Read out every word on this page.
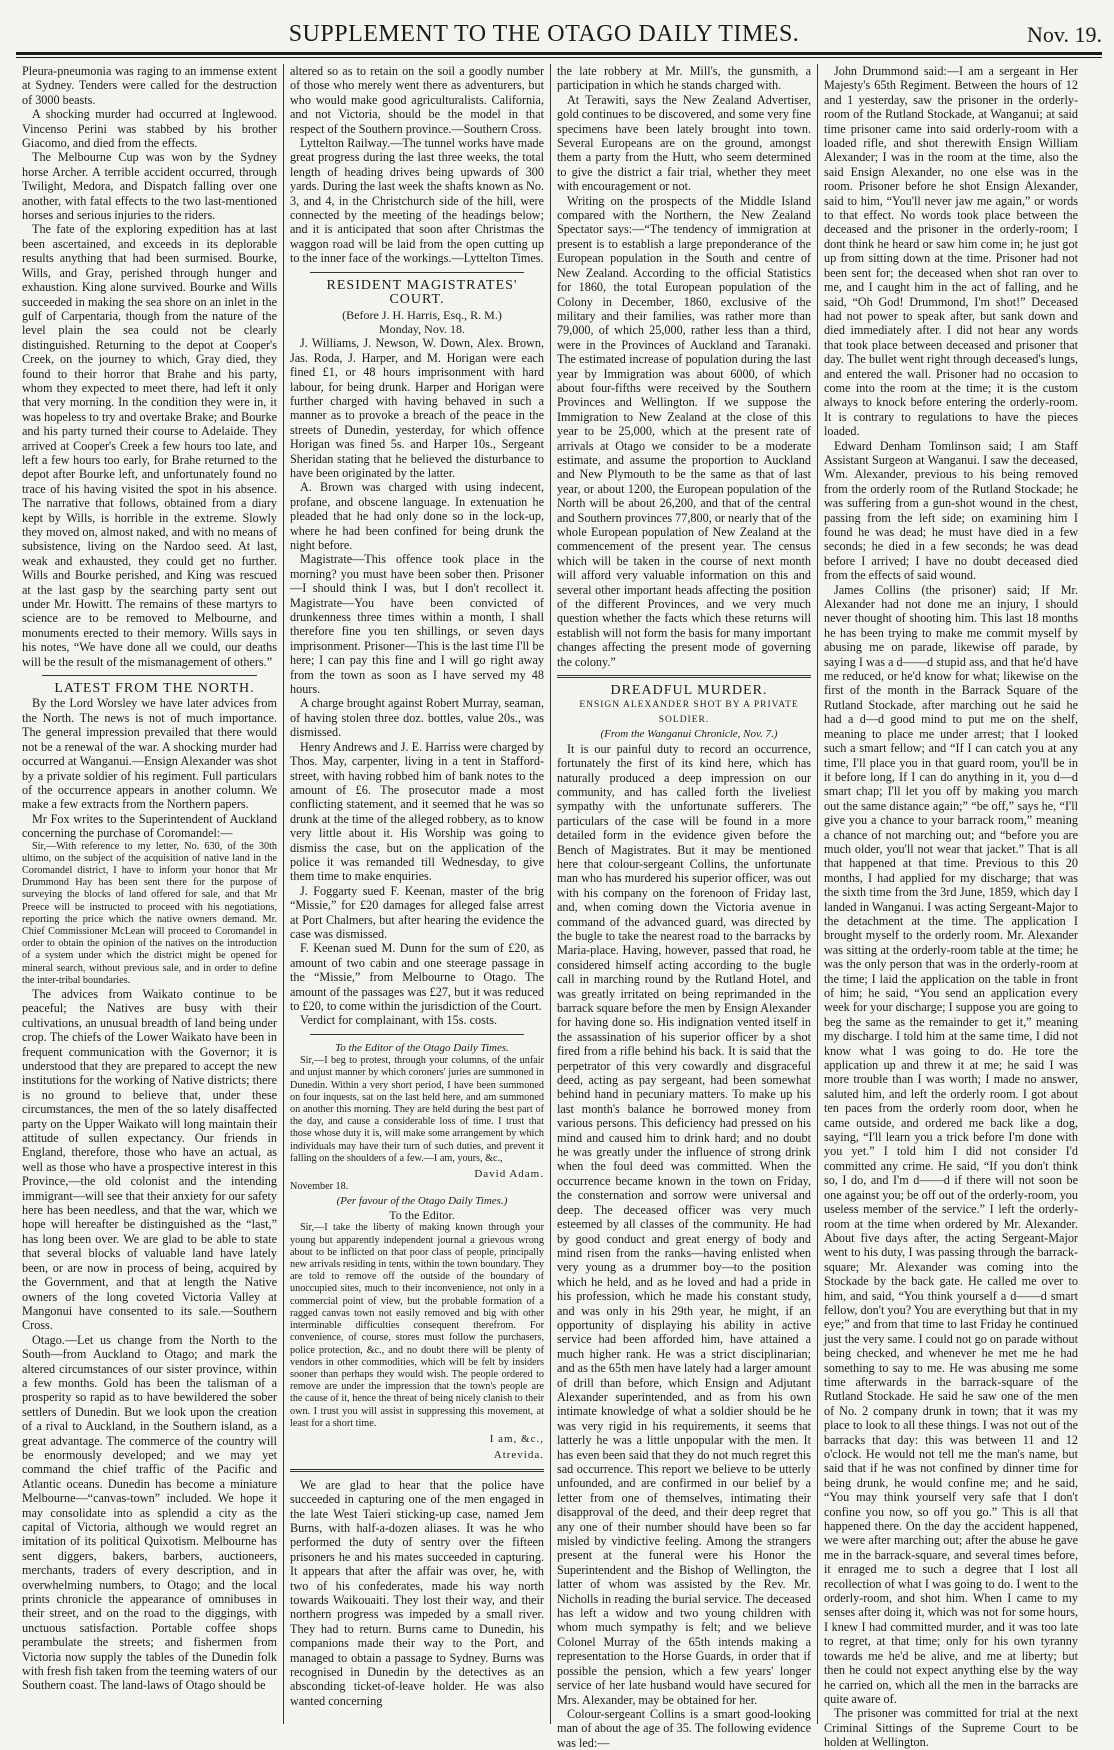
SUPPLEMENT TO THE OTAGO DAILY TIMES.	Nov. 19.

Pleura-pneumonia was raging to an immense extent at Sydney. Tenders were called for the destruction of 3000 beasts.

A shocking murder had occurred at Inglewood. Vincenso Perini was stabbed by his brother Giacomo, and died from the effects.

The Melbourne Cup was won by the Sydney horse Archer. A terrible accident occurred, through Twilight, Medora, and Dispatch falling over one another, with fatal effects to the two last-mentioned horses and serious injuries to the riders.

The fate of the exploring expedition has at last been ascertained, and exceeds in its deplorable results anything that had been surmised. Bourke, Wills, and Gray, perished through hunger and exhaustion. King alone survived. Bourke and Wills succeeded in making the sea shore on an inlet in the gulf of Carpentaria, though from the nature of the level plain the sea could not be clearly distinguished. Returning to the depot at Cooper's Creek, on the journey to which, Gray died, they found to their horror that Brahe and his party, whom they expected to meet there, had left it only that very morning. In the condition they were in, it was hopeless to try and overtake Brake; and Bourke and his party turned their course to Adelaide. They arrived at Cooper's Creek a few hours too late, and left a few hours too early, for Brahe returned to the depot after Bourke left, and unfortunately found no trace of his having visited the spot in his absence. The narrative that follows, obtained from a diary kept by Wills, is horrible in the extreme. Slowly they moved on, almost naked, and with no means of subsistence, living on the Nardoo seed. At last, weak and exhausted, they could get no further. Wills and Bourke perished, and King was rescued at the last gasp by the searching party sent out under Mr. Howitt. The remains of these martyrs to science are to be removed to Melbourne, and monuments erected to their memory. Wills says in his notes, “We have done all we could, our deaths will be the result of the mismanagement of others.”

LATEST FROM THE NORTH.

By the Lord Worsley we have later advices from the North. The news is not of much importance. The general impression prevailed that there would not be a renewal of the war. A shocking murder had occurred at Wanganui.—Ensign Alexander was shot by a private soldier of his regiment. Full particulars of the occurrence appears in another column. We make a few extracts from the Northern papers.

Mr Fox writes to the Superintendent of Auckland concerning the purchase of Coromandel:—

Sir,—With reference to my letter, No. 630, of the 30th ultimo, on the subject of the acquisition of native land in the Coromandel district, I have to inform your honor that Mr Drummond Hay has been sent there for the purpose of surveying the blocks of land offered for sale, and that Mr Preece will be instructed to proceed with his negotiations, reporting the price which the native owners demand. Mr. Chief Commissioner McLean will proceed to Coromandel in order to obtain the opinion of the natives on the introduction of a system under which the district might be opened for mineral search, without previous sale, and in order to define the inter-tribal boundaries.

The advices from Waikato continue to be peaceful; the Natives are busy with their cultivations, an unusual breadth of land being under crop. The chiefs of the Lower Waikato have been in frequent communication with the Governor; it is understood that they are prepared to accept the new institutions for the working of Native districts; there is no ground to believe that, under these circumstances, the men of the so lately disaffected party on the Upper Waikato will long maintain their attitude of sullen expectancy. Our friends in England, therefore, those who have an actual, as well as those who have a prospective interest in this Province,—the old colonist and the intending immigrant—will see that their anxiety for our safety here has been needless, and that the war, which we hope will hereafter be distinguished as the “last,” has long been over. We are glad to be able to state that several blocks of valuable land have lately been, or are now in process of being, acquired by the Government, and that at length the Native owners of the long coveted Victoria Valley at Mangonui have consented to its sale.—Southern Cross.

Otago.—Let us change from the North to the South—from Auckland to Otago; and mark the altered circumstances of our sister province, within a few months. Gold has been the talisman of a prosperity so rapid as to have bewildered the sober settlers of Dunedin. But we look upon the creation of a rival to Auckland, in the Southern island, as a great advantage. The commerce of the country will be enormously developed; and we may yet command the chief traffic of the Pacific and Atlantic oceans. Dunedin has become a miniature Melbourne—“canvas-town” included. We hope it may consolidate into as splendid a city as the capital of Victoria, although we would regret an imitation of its political Quixotism. Melbourne has sent diggers, bakers, barbers, auctioneers, merchants, traders of every description, and in overwhelming numbers, to Otago; and the local prints chronicle the appearance of omnibuses in their street, and on the road to the diggings, with unctuous satisfaction. Portable coffee shops perambulate the streets; and fishermen from Victoria now supply the tables of the Dunedin folk with fresh fish taken from the teeming waters of our Southern coast. The land-laws of Otago should be

altered so as to retain on the soil a goodly number of those who merely went there as adventurers, but who would make good agriculturalists. California, and not Victoria, should be the model in that respect of the Southern province.—Southern Cross.

Lyttelton Railway.—The tunnel works have made great progress during the last three weeks, the total length of heading drives being upwards of 300 yards. During the last week the shafts known as No. 3, and 4, in the Christchurch side of the hill, were connected by the meeting of the headings below; and it is anticipated that soon after Christmas the waggon road will be laid from the open cutting up to the inner face of the workings.—Lyttelton Times.

RESIDENT MAGISTRATES' COURT.

(Before J. H. Harris, Esq., R. M.)

Monday, Nov. 18.

J. Williams, J. Newson, W. Down, Alex. Brown, Jas. Roda, J. Harper, and M. Horigan were each fined £1, or 48 hours imprisonment with hard labour, for being drunk. Harper and Horigan were further charged with having behaved in such a manner as to provoke a breach of the peace in the streets of Dunedin, yesterday, for which offence Horigan was fined 5s. and Harper 10s., Sergeant Sheridan stating that he believed the disturbance to have been originated by the latter.

A. Brown was charged with using indecent, profane, and obscene language. In extenuation he pleaded that he had only done so in the lock-up, where he had been confined for being drunk the night before.

Magistrate—This offence took place in the morning? you must have been sober then. Prisoner—I should think I was, but I don't recollect it. Magistrate—You have been convicted of drunkenness three times within a month, I shall therefore fine you ten shillings, or seven days imprisonment. Prisoner—This is the last time I'll be here; I can pay this fine and I will go right away from the town as soon as I have served my 48 hours.

A charge brought against Robert Murray, seaman, of having stolen three doz. bottles, value 20s., was dismissed.

Henry Andrews and J. E. Harriss were charged by Thos. May, carpenter, living in a tent in Stafford-street, with having robbed him of bank notes to the amount of £6. The prosecutor made a most conflicting statement, and it seemed that he was so drunk at the time of the alleged robbery, as to know very little about it. His Worship was going to dismiss the case, but on the application of the police it was remanded till Wednesday, to give them time to make enquiries.

J. Foggarty sued F. Keenan, master of the brig “Missie,” for £20 damages for alleged false arrest at Port Chalmers, but after hearing the evidence the case was dismissed.

F. Keenan sued M. Dunn for the sum of £20, as amount of two cabin and one steerage passage in the “Missie,” from Melbourne to Otago. The amount of the passages was £27, but it was reduced to £20, to come within the jurisdiction of the Court.

Verdict for complainant, with 15s. costs.

To the Editor of the Otago Daily Times.

Sir,—I beg to protest, through your columns, of the unfair and unjust manner by which coroners' juries are summoned in Dunedin. Within a very short period, I have been summoned on four inquests, sat on the last held here, and am summoned on another this morning. They are held during the best part of the day, and cause a considerable loss of time. I trust that those whose duty it is, will make some arrangement by which individuals may have their turn of such duties, and prevent it falling on the shoulders of a few.—I am, yours, &c.,

David Adam.

November 18.

(Per favour of the Otago Daily Times.)

To the Editor.

Sir,—I take the liberty of making known through your young but apparently independent journal a grievous wrong about to be inflicted on that poor class of people, principally new arrivals residing in tents, within the town boundary. They are told to remove off the outside of the boundary of unoccupied sites, much to their inconvenience, not only in a commercial point of view, but the probable formation of a ragged canvas town not easily removed and big with other interminable difficulties consequent therefrom. For convenience, of course, stores must follow the purchasers, police protection, &c., and no doubt there will be plenty of vendors in other commodities, which will be felt by insiders sooner than perhaps they would wish. The people ordered to remove are under the impression that the town's people are the cause of it, hence the threat of being nicely clanish to their own. I trust you will assist in suppressing this movement, at least for a short time.

I am, &c.,
Atrevida.

We are glad to hear that the police have succeeded in capturing one of the men engaged in the late West Taieri sticking-up case, named Jem Burns, with half-a-dozen aliases. It was he who performed the duty of sentry over the fifteen prisoners he and his mates succeeded in capturing. It appears that after the affair was over, he, with two of his confederates, made his way north towards Waikouaiti. They lost their way, and their northern progress was impeded by a small river. They had to return. Burns came to Dunedin, his companions made their way to the Port, and managed to obtain a passage to Sydney. Burns was recognised in Dunedin by the detectives as an absconding ticket-of-leave holder. He was also wanted concerning

the late robbery at Mr. Mill's, the gunsmith, a participation in which he stands charged with.

At Terawiti, says the New Zealand Advertiser, gold continues to be discovered, and some very fine specimens have been lately brought into town. Several Europeans are on the ground, amongst them a party from the Hutt, who seem determined to give the district a fair trial, whether they meet with encouragement or not.

Writing on the prospects of the Middle Island compared with the Northern, the New Zealand Spectator says:—“The tendency of immigration at present is to establish a large preponderance of the European population in the South and centre of New Zealand. According to the official Statistics for 1860, the total European population of the Colony in December, 1860, exclusive of the military and their families, was rather more than 79,000, of which 25,000, rather less than a third, were in the Provinces of Auckland and Taranaki. The estimated increase of population during the last year by Immigration was about 6000, of which about four-fifths were received by the Southern Provinces and Wellington. If we suppose the Immigration to New Zealand at the close of this year to be 25,000, which at the present rate of arrivals at Otago we consider to be a moderate estimate, and assume the proportion to Auckland and New Plymouth to be the same as that of last year, or about 1200, the European population of the North will be about 26,200, and that of the central and Southern provinces 77,800, or nearly that of the whole European population of New Zealand at the commencement of the present year. The census which will be taken in the course of next month will afford very valuable information on this and several other important heads affecting the position of the different Provinces, and we very much question whether the facts which these returns will establish will not form the basis for many important changes affecting the present mode of governing the colony.”

DREADFUL MURDER.

ENSIGN ALEXANDER SHOT BY A PRIVATE SOLDIER.

(From the Wanganui Chronicle, Nov. 7.)

It is our painful duty to record an occurrence, fortunately the first of its kind here, which has naturally produced a deep impression on our community, and has called forth the liveliest sympathy with the unfortunate sufferers. The particulars of the case will be found in a more detailed form in the evidence given before the Bench of Magistrates. But it may be mentioned here that colour-sergeant Collins, the unfortunate man who has murdered his superior officer, was out with his company on the forenoon of Friday last, and, when coming down the Victoria avenue in command of the advanced guard, was directed by the bugle to take the nearest road to the barracks by Maria-place. Having, however, passed that road, he considered himself acting according to the bugle call in marching round by the Rutland Hotel, and was greatly irritated on being reprimanded in the barrack square before the men by Ensign Alexander for having done so. His indignation vented itself in the assassination of his superior officer by a shot fired from a rifle behind his back. It is said that the perpetrator of this very cowardly and disgraceful deed, acting as pay sergeant, had been somewhat behind hand in pecuniary matters. To make up his last month's balance he borrowed money from various persons. This deficiency had pressed on his mind and caused him to drink hard; and no doubt he was greatly under the influence of strong drink when the foul deed was committed. When the occurrence became known in the town on Friday, the consternation and sorrow were universal and deep. The deceased officer was very much esteemed by all classes of the community. He had by good conduct and great energy of body and mind risen from the ranks—having enlisted when very young as a drummer boy—to the position which he held, and as he loved and had a pride in his profession, which he made his constant study, and was only in his 29th year, he might, if an opportunity of displaying his ability in active service had been afforded him, have attained a much higher rank. He was a strict disciplinarian; and as the 65th men have lately had a larger amount of drill than before, which Ensign and Adjutant Alexander superintended, and as from his own intimate knowledge of what a soldier should be he was very rigid in his requirements, it seems that latterly he was a little unpopular with the men. It has even been said that they do not much regret this sad occurrence. This report we believe to be utterly unfounded, and are confirmed in our belief by a letter from one of themselves, intimating their disapproval of the deed, and their deep regret that any one of their number should have been so far misled by vindictive feeling. Among the strangers present at the funeral were his Honor the Superintendent and the Bishop of Wellington, the latter of whom was assisted by the Rev. Mr. Nicholls in reading the burial service. The deceased has left a widow and two young children with whom much sympathy is felt; and we believe Colonel Murray of the 65th intends making a representation to the Horse Guards, in order that if possible the pension, which a few years' longer service of her late husband would have secured for Mrs. Alexander, may be obtained for her.

Colour-sergeant Collins is a smart good-looking man of about the age of 35. The following evidence was led:—

John Drummond said:—I am a sergeant in Her Majesty's 65th Regiment. Between the hours of 12 and 1 yesterday, saw the prisoner in the orderly-room of the Rutland Stockade, at Wanganui; at said time prisoner came into said orderly-room with a loaded rifle, and shot therewith Ensign William Alexander; I was in the room at the time, also the said Ensign Alexander, no one else was in the room. Prisoner before he shot Ensign Alexander, said to him, “You'll never jaw me again,” or words to that effect. No words took place between the deceased and the prisoner in the orderly-room; I dont think he heard or saw him come in; he just got up from sitting down at the time. Prisoner had not been sent for; the deceased when shot ran over to me, and I caught him in the act of falling, and he said, “Oh God! Drummond, I'm shot!” Deceased had not power to speak after, but sank down and died immediately after. I did not hear any words that took place between deceased and prisoner that day. The bullet went right through deceased's lungs, and entered the wall. Prisoner had no occasion to come into the room at the time; it is the custom always to knock before entering the orderly-room. It is contrary to regulations to have the pieces loaded.

Edward Denham Tomlinson said; I am Staff Assistant Surgeon at Wanganui. I saw the deceased, Wm. Alexander, previous to his being removed from the orderly room of the Rutland Stockade; he was suffering from a gun-shot wound in the chest, passing from the left side; on examining him I found he was dead; he must have died in a few seconds; he died in a few seconds; he was dead before I arrived; I have no doubt deceased died from the effects of said wound.

James Collins (the prisoner) said; If Mr. Alexander had not done me an injury, I should never thought of shooting him. This last 18 months he has been trying to make me commit myself by abusing me on parade, likewise off parade, by saying I was a d——d stupid ass, and that he'd have me reduced, or he'd know for what; likewise on the first of the month in the Barrack Square of the Rutland Stockade, after marching out he said he had a d—d good mind to put me on the shelf, meaning to place me under arrest; that I looked such a smart fellow; and “If I can catch you at any time, I'll place you in that guard room, you'll be in it before long, If I can do anything in it, you d—d smart chap; I'll let you off by making you march out the same distance again;” “be off,” says he, “I'll give you a chance to your barrack room,” meaning a chance of not marching out; and “before you are much older, you'll not wear that jacket.” That is all that happened at that time. Previous to this 20 months, I had applied for my discharge; that was the sixth time from the 3rd June, 1859, which day I landed in Wanganui. I was acting Sergeant-Major to the detachment at the time. The application I brought myself to the orderly room. Mr. Alexander was sitting at the orderly-room table at the time; he was the only person that was in the orderly-room at the time; I laid the application on the table in front of him; he said, “You send an application every week for your discharge; I suppose you are going to beg the same as the remainder to get it,” meaning my discharge. I told him at the same time, I did not know what I was going to do. He tore the application up and threw it at me; he said I was more trouble than I was worth; I made no answer, saluted him, and left the orderly room. I got about ten paces from the orderly room door, when he came outside, and ordered me back like a dog, saying, “I'll learn you a trick before I'm done with you yet.” I told him I did not consider I'd committed any crime. He said, “If you don't think so, I do, and I'm d——d if there will not soon be one against you; be off out of the orderly-room, you useless member of the service.” I left the orderly-room at the time when ordered by Mr. Alexander. About five days after, the acting Sergeant-Major went to his duty, I was passing through the barrack-square; Mr. Alexander was coming into the Stockade by the back gate. He called me over to him, and said, “You think yourself a d——d smart fellow, don't you? You are everything but that in my eye;” and from that time to last Friday he continued just the very same. I could not go on parade without being checked, and whenever he met me he had something to say to me. He was abusing me some time afterwards in the barrack-square of the Rutland Stockade. He said he saw one of the men of No. 2 company drunk in town; that it was my place to look to all these things. I was not out of the barracks that day: this was between 11 and 12 o'clock. He would not tell me the man's name, but said that if he was not confined by dinner time for being drunk, he would confine me; and he said, “You may think yourself very safe that I don't confine you now, so off you go.” This is all that happened there. On the day the accident happened, we were after marching out; after the abuse he gave me in the barrack-square, and several times before, it enraged me to such a degree that I lost all recollection of what I was going to do. I went to the orderly-room, and shot him. When I came to my senses after doing it, which was not for some hours, I knew I had committed murder, and it was too late to regret, at that time; only for his own tyranny towards me he'd be alive, and me at liberty; but then he could not expect anything else by the way he carried on, which all the men in the barracks are quite aware of.

The prisoner was committed for trial at the next Criminal Sittings of the Supreme Court to be holden at Wellington.
